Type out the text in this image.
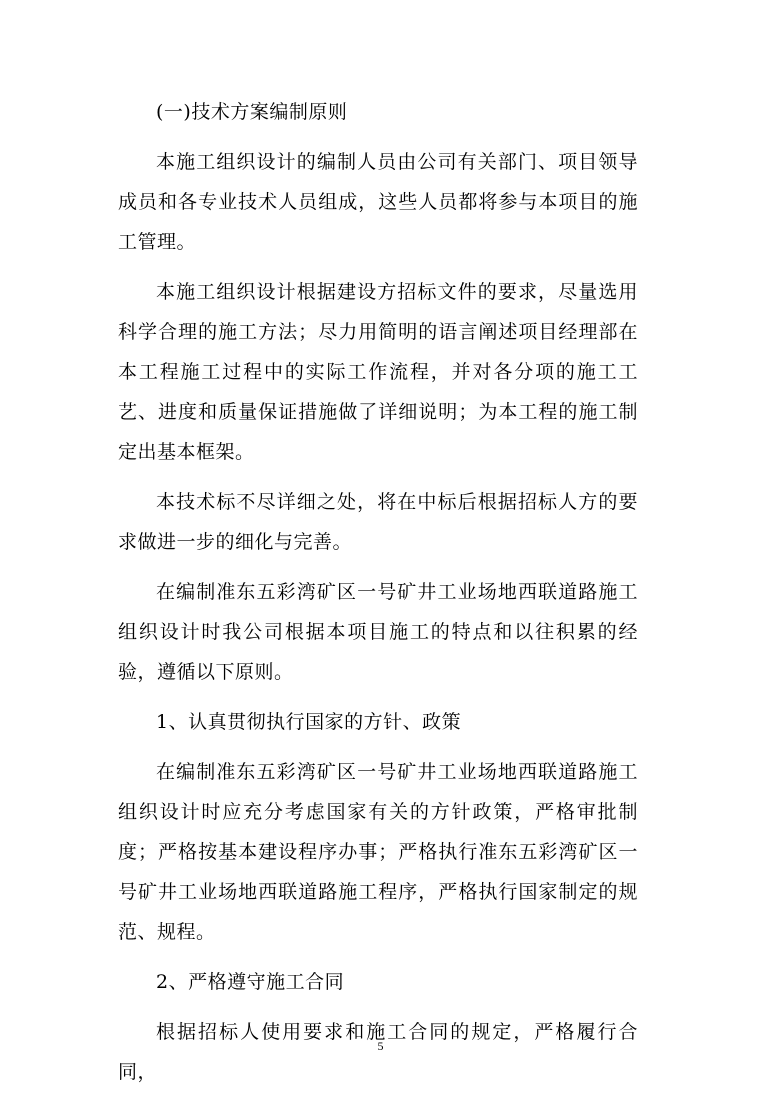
(一)技术方案编制原则

本施工组织设计的编制人员由公司有关部门、项目领导成员和各专业技术人员组成，这些人员都将参与本项目的施工管理。

本施工组织设计根据建设方招标文件的要求，尽量选用科学合理的施工方法；尽力用简明的语言阐述项目经理部在本工程施工过程中的实际工作流程，并对各分项的施工工艺、进度和质量保证措施做了详细说明；为本工程的施工制定出基本框架。

本技术标不尽详细之处，将在中标后根据招标人方的要求做进一步的细化与完善。

在编制准东五彩湾矿区一号矿井工业场地西联道路施工组织设计时我公司根据本项目施工的特点和以往积累的经验，遵循以下原则。

1、认真贯彻执行国家的方针、政策

在编制准东五彩湾矿区一号矿井工业场地西联道路施工组织设计时应充分考虑国家有关的方针政策，严格审批制度；严格按基本建设程序办事；严格执行准东五彩湾矿区一号矿井工业场地西联道路施工程序，严格执行国家制定的规范、规程。

2、严格遵守施工合同

根据招标人使用要求和施工合同的规定，严格履行合同，

5
